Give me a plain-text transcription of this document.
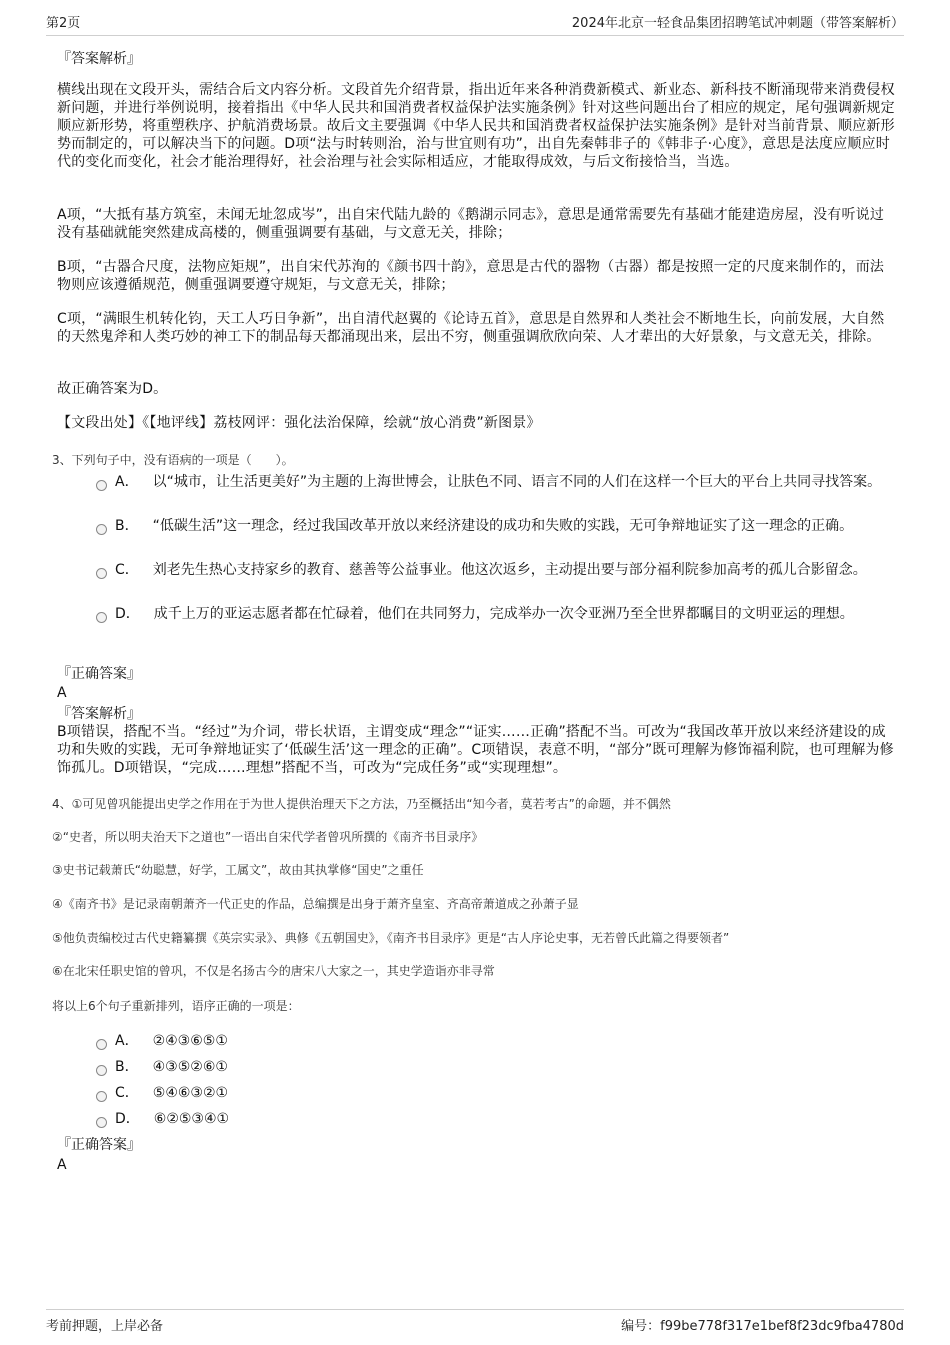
第2页	2024年北京一轻食品集团招聘笔试冲刺题（带答案解析）
『答案解析』

横线出现在文段开头，需结合后文内容分析。文段首先介绍背景，指出近年来各种消费新模式、新业态、新科技不断涌现带来消费侵权新问题，并进行举例说明，接着指出《中华人民共和国消费者权益保护法实施条例》针对这些问题出台了相应的规定，尾句强调新规定顺应新形势，将重塑秩序、护航消费场景。故后文主要强调《中华人民共和国消费者权益保护法实施条例》是针对当前背景、顺应新形势而制定的，可以解决当下的问题。D项“法与时转则治，治与世宜则有功”，出自先秦韩非子的《韩非子·心度》，意思是法度应顺应时代的变化而变化，社会才能治理得好，社会治理与社会实际相适应，才能取得成效，与后文衔接恰当，当选。

A项，“大抵有基方筑室，未闻无址忽成岑”，出自宋代陆九龄的《鹅湖示同志》，意思是通常需要先有基础才能建造房屋，没有听说过没有基础就能突然建成高楼的，侧重强调要有基础，与文意无关，排除；

B项，“古器合尺度，法物应矩规”，出自宋代苏洵的《颜书四十韵》，意思是古代的器物（古器）都是按照一定的尺度来制作的，而法物则应该遵循规范，侧重强调要遵守规矩，与文意无关，排除；

C项，“满眼生机转化钧，天工人巧日争新”，出自清代赵翼的《论诗五首》，意思是自然界和人类社会不断地生长，向前发展，大自然的天然鬼斧和人类巧妙的神工下的制品每天都涌现出来，层出不穷，侧重强调欣欣向荣、人才辈出的大好景象，与文意无关，排除。

故正确答案为D。

【文段出处】《【地评线】荔枝网评：强化法治保障，绘就“放心消费”新图景》

3、下列句子中，没有语病的一项是（　　）。
A． 以“城市，让生活更美好”为主题的上海世博会，让肤色不同、语言不同的人们在这样一个巨大的平台上共同寻找答案。
B． “低碳生活”这一理念，经过我国改革开放以来经济建设的成功和失败的实践，无可争辩地证实了这一理念的正确。
C． 刘老先生热心支持家乡的教育、慈善等公益事业。他这次返乡，主动提出要与部分福利院参加高考的孤儿合影留念。
D． 成千上万的亚运志愿者都在忙碌着，他们在共同努力，完成举办一次令亚洲乃至全世界都瞩目的文明亚运的理想。
『正确答案』
A
『答案解析』

B项错误，搭配不当。“经过”为介词，带长状语，主谓变成“理念”“证实……正确”搭配不当。可改为“我国改革开放以来经济建设的成功和失败的实践，无可争辩地证实了‘低碳生活’这一理念的正确”。C项错误，表意不明，“部分”既可理解为修饰福利院，也可理解为修饰孤儿。D项错误，“完成……理想”搭配不当，可改为“完成任务”或“实现理想”。

4、①可见曾巩能提出史学之作用在于为世人提供治理天下之方法，乃至概括出“知今者，莫若考古”的命题，并不偶然
②“史者，所以明夫治天下之道也”一语出自宋代学者曾巩所撰的《南齐书目录序》
③史书记载萧氏“幼聪慧，好学，工属文”，故由其执掌修“国史”之重任
④《南齐书》是记录南朝萧齐一代正史的作品，总编撰是出身于萧齐皇室、齐高帝萧道成之孙萧子显
⑤他负责编校过古代史籍纂撰《英宗实录》、典修《五朝国史》，《南齐书目录序》更是“古人序论史事，无若曾氏此篇之得要领者”
⑥在北宋任职史馆的曾巩，不仅是名扬古今的唐宋八大家之一，其史学造诣亦非寻常
将以上6个句子重新排列，语序正确的一项是：
A． ②④③⑥⑤①
B． ④③⑤②⑥①
C． ⑤④⑥③②①
D． ⑥②⑤③④①
『正确答案』
A
考前押题，上岸必备	编号：f99be778f317e1bef8f23dc9fba4780d
